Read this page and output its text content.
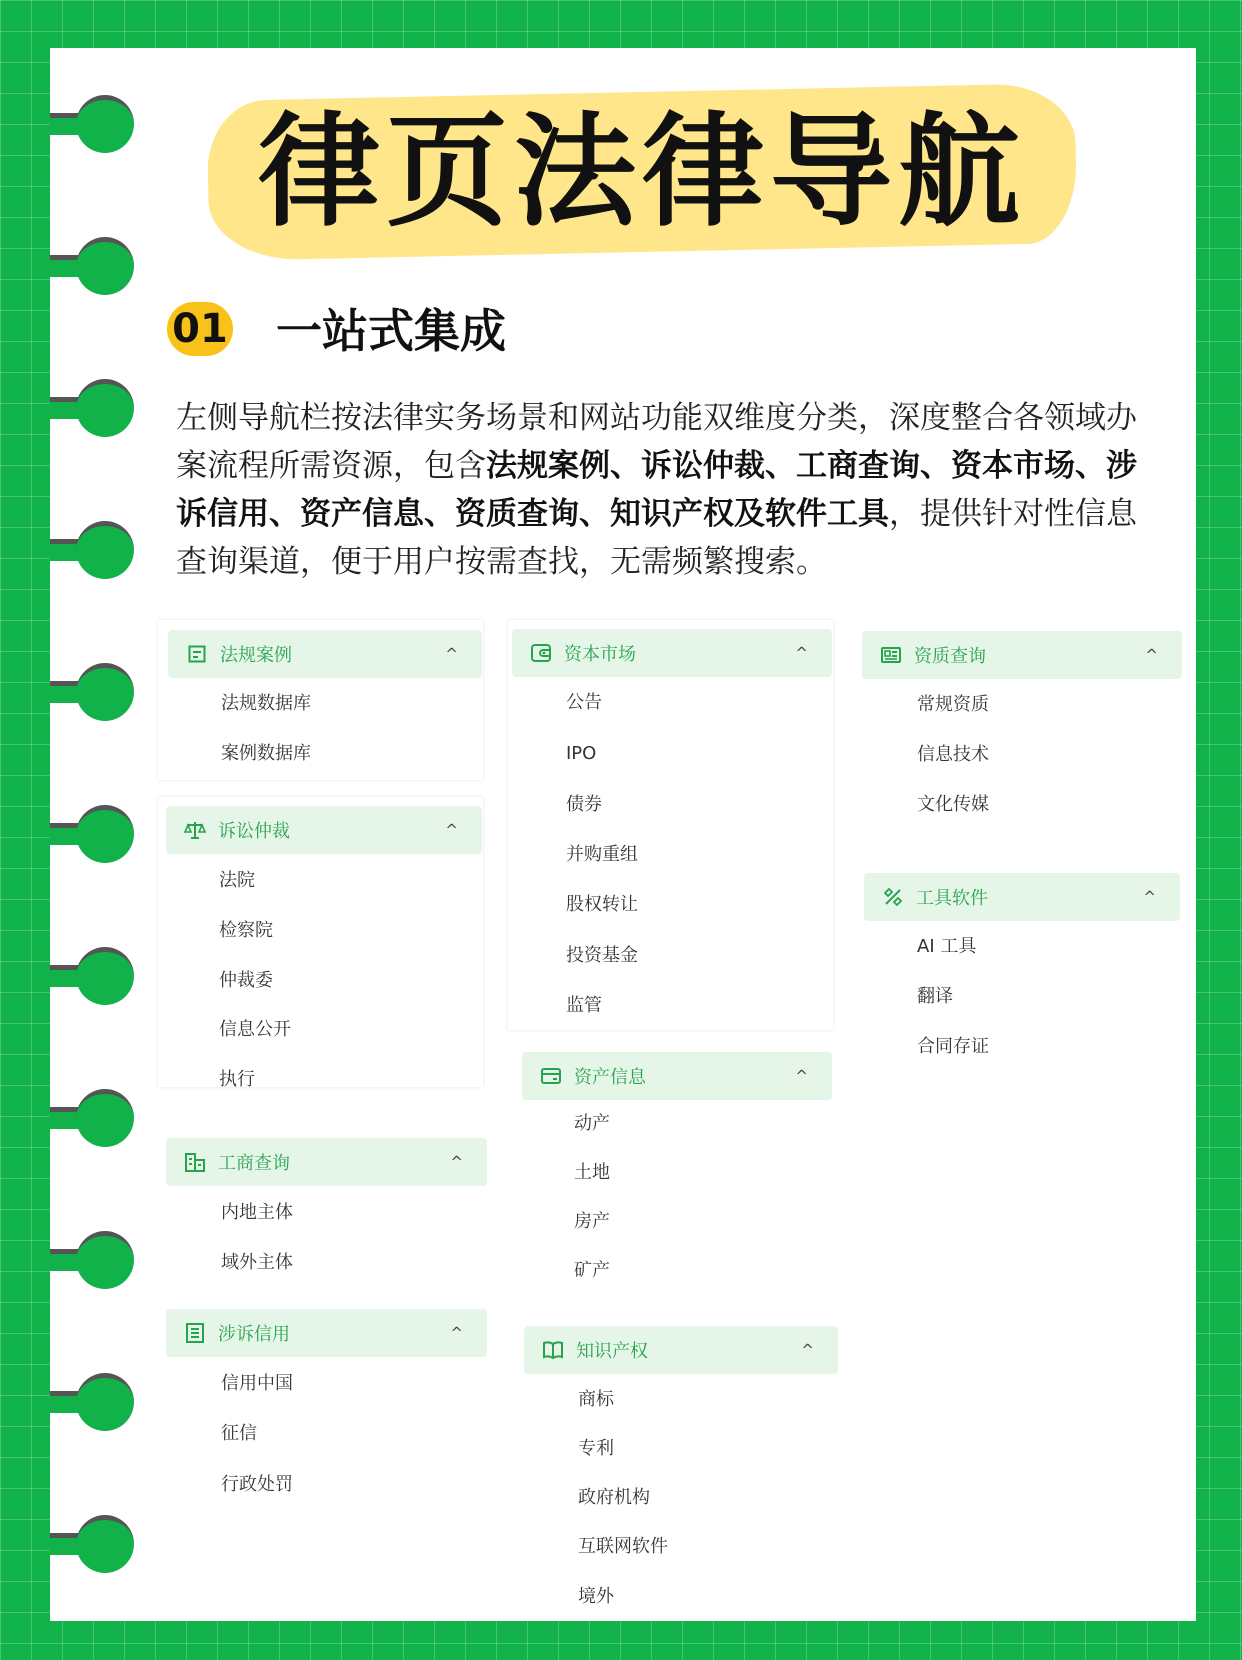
律页法律导航
01 一站式集成
左侧导航栏按法律实务场景和网站功能双维度分类，深度整合各领域办案流程所需资源，包含法规案例、诉讼仲裁、工商查询、资本市场、涉诉信用、资产信息、资质查询、知识产权及软件工具，提供针对性信息查询渠道，便于用户按需查找，无需频繁搜索。
法规案例	^
法规数据库
案例数据库
诉讼仲裁	^
法院
检察院
仲裁委
信息公开
执行
工商查询	^
内地主体
域外主体
涉诉信用	^
信用中国
征信
行政处罚
资本市场	^
公告
IPO
债券
并购重组
股权转让
投资基金
监管
资产信息	^
动产
土地
房产
矿产
知识产权	^
商标
专利
政府机构
互联网软件
境外
资质查询	^
常规资质
信息技术
文化传媒
工具软件	^
AI 工具
翻译
合同存证
